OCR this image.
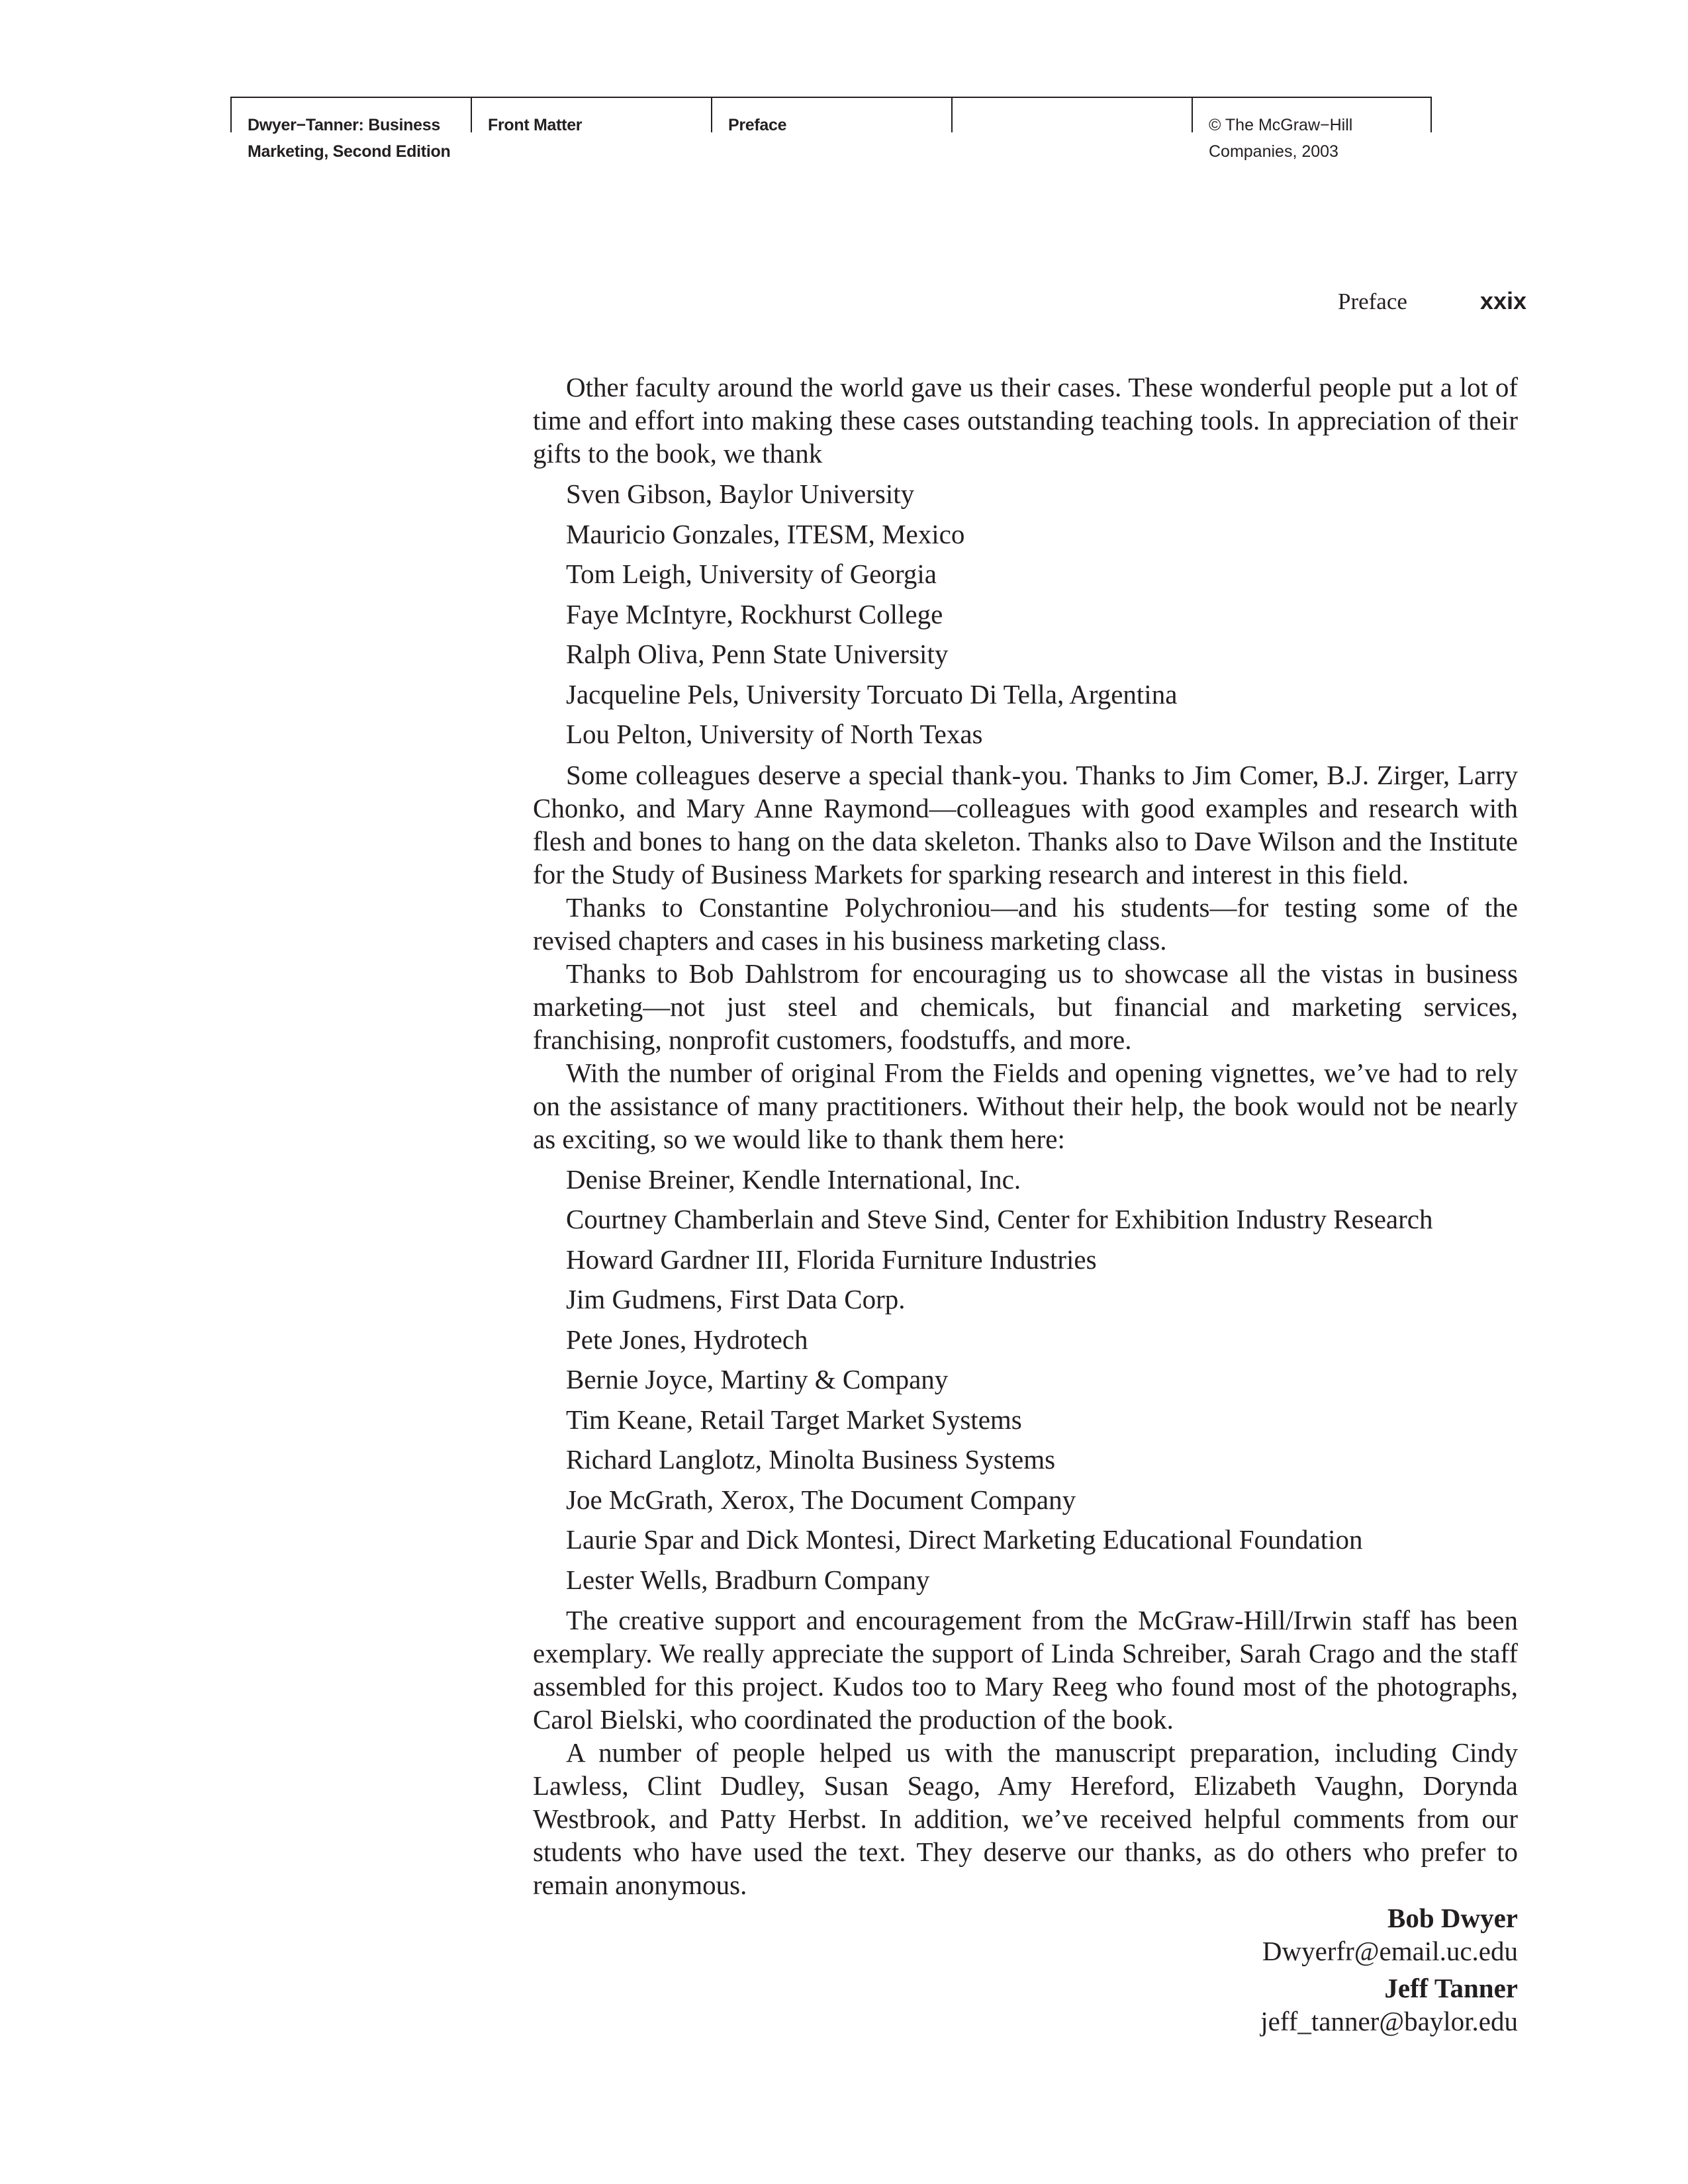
Dwyer−Tanner: Business
Marketing, Second Edition
Front Matter	Preface	© The McGraw−Hill
Companies, 2003
Preface	xxix

Other faculty around the world gave us their cases. These wonderful people put a lot of time and effort into making these cases outstanding teaching tools. In appreciation of their gifts to the book, we thank

Sven Gibson, Baylor University
Mauricio Gonzales, ITESM, Mexico
Tom Leigh, University of Georgia
Faye McIntyre, Rockhurst College
Ralph Oliva, Penn State University
Jacqueline Pels, University Torcuato Di Tella, Argentina
Lou Pelton, University of North Texas

Some colleagues deserve a special thank-you. Thanks to Jim Comer, B.J. Zirger, Larry Chonko, and Mary Anne Raymond—colleagues with good examples and research with flesh and bones to hang on the data skeleton. Thanks also to Dave Wilson and the Institute for the Study of Business Markets for sparking research and interest in this field.

Thanks to Constantine Polychroniou—and his students—for testing some of the revised chapters and cases in his business marketing class.

Thanks to Bob Dahlstrom for encouraging us to showcase all the vistas in business marketing—not just steel and chemicals, but financial and marketing services, franchising, nonprofit customers, foodstuffs, and more.

With the number of original From the Fields and opening vignettes, we’ve had to rely on the assistance of many practitioners. Without their help, the book would not be nearly as exciting, so we would like to thank them here:

Denise Breiner, Kendle International, Inc.
Courtney Chamberlain and Steve Sind, Center for Exhibition Industry Research
Howard Gardner III, Florida Furniture Industries
Jim Gudmens, First Data Corp.
Pete Jones, Hydrotech
Bernie Joyce, Martiny & Company
Tim Keane, Retail Target Market Systems
Richard Langlotz, Minolta Business Systems
Joe McGrath, Xerox, The Document Company
Laurie Spar and Dick Montesi, Direct Marketing Educational Foundation
Lester Wells, Bradburn Company

The creative support and encouragement from the McGraw-Hill/Irwin staff has been exemplary. We really appreciate the support of Linda Schreiber, Sarah Crago and the staff assembled for this project. Kudos too to Mary Reeg who found most of the photographs, Carol Bielski, who coordinated the production of the book.

A number of people helped us with the manuscript preparation, including Cindy Lawless, Clint Dudley, Susan Seago, Amy Hereford, Elizabeth Vaughn, Dorynda Westbrook, and Patty Herbst. In addition, we’ve received helpful comments from our students who have used the text. They deserve our thanks, as do others who prefer to remain anonymous.

Bob Dwyer
Dwyerfr@email.uc.edu

Jeff Tanner
jeff_tanner@baylor.edu
